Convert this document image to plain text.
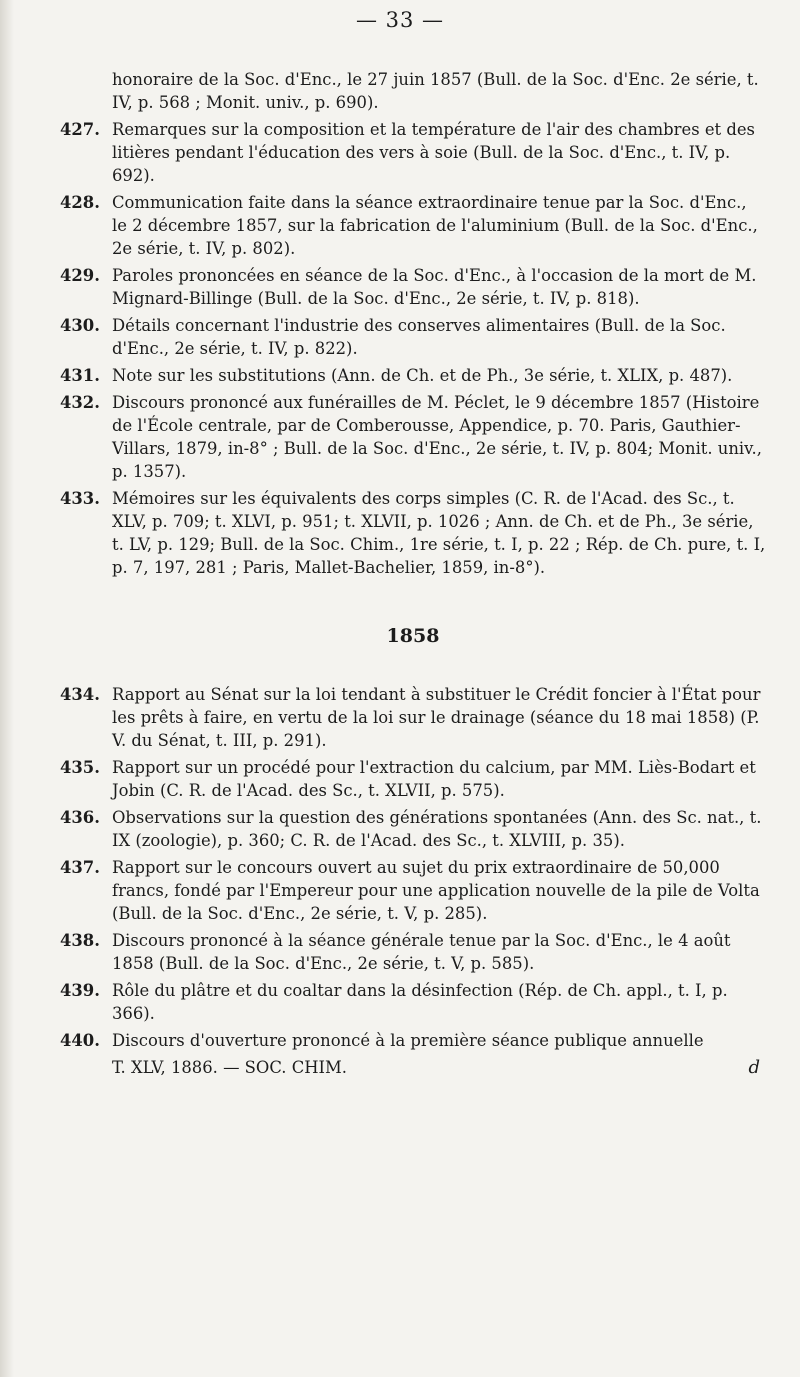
— 33 —
honoraire de la Soc. d'Enc., le 27 juin 1857 (Bull. de la Soc. d'Enc. 2e série, t. IV, p. 568 ; Monit. univ., p. 690).
427. Remarques sur la composition et la température de l'air des chambres et des litières pendant l'éducation des vers à soie (Bull. de la Soc. d'Enc., t. IV, p. 692).
428. Communication faite dans la séance extraordinaire tenue par la Soc. d'Enc., le 2 décembre 1857, sur la fabrication de l'aluminium (Bull. de la Soc. d'Enc., 2e série, t. IV, p. 802).
429. Paroles prononcées en séance de la Soc. d'Enc., à l'occasion de la mort de M. Mignard-Billinge (Bull. de la Soc. d'Enc., 2e série, t. IV, p. 818).
430. Détails concernant l'industrie des conserves alimentaires (Bull. de la Soc. d'Enc., 2e série, t. IV, p. 822).
431. Note sur les substitutions (Ann. de Ch. et de Ph., 3e série, t. XLIX, p. 487).
432. Discours prononcé aux funérailles de M. Péclet, le 9 décembre 1857 (Histoire de l'École centrale, par de Comberousse, Appendice, p. 70. Paris, Gauthier-Villars, 1879, in-8° ; Bull. de la Soc. d'Enc., 2e série, t. IV, p. 804; Monit. univ., p. 1357).
433. Mémoires sur les équivalents des corps simples (C. R. de l'Acad. des Sc., t. XLV, p. 709; t. XLVI, p. 951; t. XLVII, p. 1026 ; Ann. de Ch. et de Ph., 3e série, t. LV, p. 129; Bull. de la Soc. Chim., 1re série, t. I, p. 22 ; Rép. de Ch. pure, t. I, p. 7, 197, 281 ; Paris, Mallet-Bachelier, 1859, in-8°).
1858
434. Rapport au Sénat sur la loi tendant à substituer le Crédit foncier à l'État pour les prêts à faire, en vertu de la loi sur le drainage (séance du 18 mai 1858) (P. V. du Sénat, t. III, p. 291).
435. Rapport sur un procédé pour l'extraction du calcium, par MM. Liès-Bodart et Jobin (C. R. de l'Acad. des Sc., t. XLVII, p. 575).
436. Observations sur la question des générations spontanées (Ann. des Sc. nat., t. IX (zoologie), p. 360; C. R. de l'Acad. des Sc., t. XLVIII, p. 35).
437. Rapport sur le concours ouvert au sujet du prix extraordinaire de 50,000 francs, fondé par l'Empereur pour une application nouvelle de la pile de Volta (Bull. de la Soc. d'Enc., 2e série, t. V, p. 285).
438. Discours prononcé à la séance générale tenue par la Soc. d'Enc., le 4 août 1858 (Bull. de la Soc. d'Enc., 2e série, t. V, p. 585).
439. Rôle du plâtre et du coaltar dans la désinfection (Rép. de Ch. appl., t. I, p. 366).
440. Discours d'ouverture prononcé à la première séance publique annuelle
T. XLV, 1886. — SOC. CHIM.	d
